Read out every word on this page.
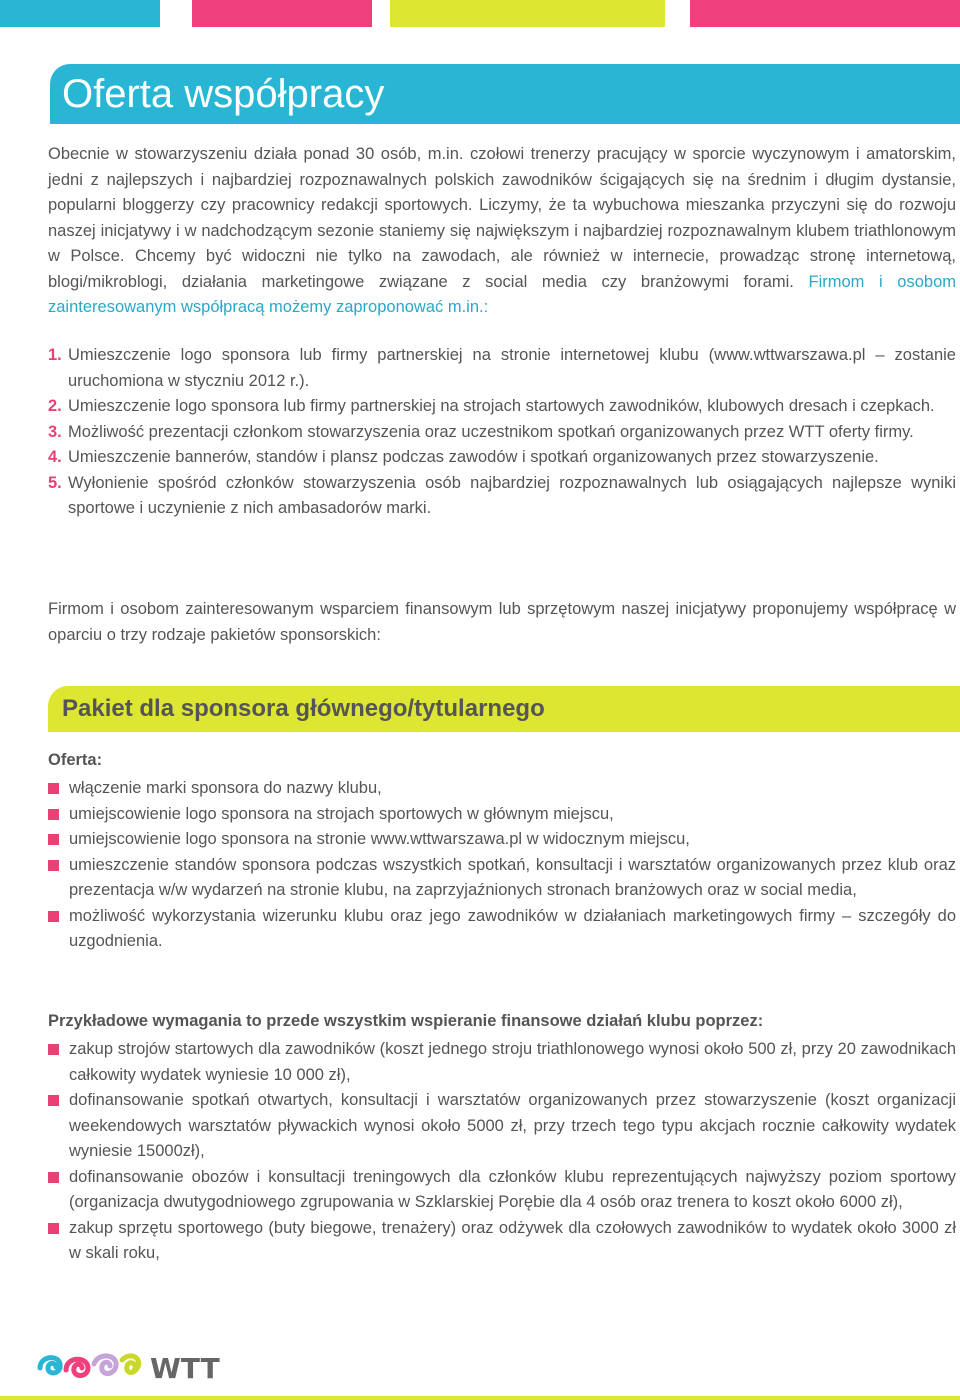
Oferta współpracy
Obecnie w stowarzyszeniu działa ponad 30 osób, m.in. czołowi trenerzy pracujący w sporcie wyczynowym i amatorskim, jedni z najlepszych i najbardziej rozpoznawalnych polskich zawodników ścigających się na średnim i długim dystansie, popularni bloggerzy czy pracownicy redakcji sportowych. Liczymy, że ta wybuchowa mieszanka przyczyni się do rozwoju naszej inicjatywy i w nadchodzącym sezonie staniemy się największym i najbardziej rozpoznawalnym klubem triathlonowym w Polsce. Chcemy być widoczni nie tylko na zawodach, ale również w internecie, prowadząc stronę internetową, blogi/mikroblogi, działania marketingowe związane z social media czy branżowymi forami. Firmom i osobom zainteresowanym współpracą możemy zaproponować m.in.:
1. Umieszczenie logo sponsora lub firmy partnerskiej na stronie internetowej klubu (www.wttwarszawa.pl – zostanie uruchomiona w styczniu 2012 r.).
2. Umieszczenie logo sponsora lub firmy partnerskiej na strojach startowych zawodników, klubowych dresach i czepkach.
3. Możliwość prezentacji członkom stowarzyszenia oraz uczestnikom spotkań organizowanych przez WTT oferty firmy.
4. Umieszczenie bannerów, standów i plansz podczas zawodów i spotkań organizowanych przez stowarzyszenie.
5. Wyłonienie spośród członków stowarzyszenia osób najbardziej rozpoznawalnych lub osiągających najlepsze wyniki sportowe i uczynienie z nich ambasadorów marki.
Firmom i osobom zainteresowanym wsparciem finansowym lub sprzętowym naszej inicjatywy proponujemy współpracę w oparciu o trzy rodzaje pakietów sponsorskich:
Pakiet dla sponsora głównego/tytularnego
Oferta:
włączenie marki sponsora do nazwy klubu,
umiejscowienie logo sponsora na strojach sportowych w głównym miejscu,
umiejscowienie logo sponsora na stronie www.wttwarszawa.pl w widocznym miejscu,
umieszczenie standów sponsora podczas wszystkich spotkań, konsultacji i warsztatów organizowanych przez klub oraz prezentacja w/w wydarzeń na stronie klubu, na zaprzyjaźnionych stronach branżowych oraz w social media,
możliwość wykorzystania wizerunku klubu oraz jego zawodników w działaniach marketingowych firmy – szczegóły do uzgodnienia.
Przykładowe wymagania to przede wszystkim wspieranie finansowe działań klubu poprzez:
zakup strojów startowych dla zawodników (koszt jednego stroju triathlonowego wynosi około 500 zł, przy 20 zawodnikach całkowity wydatek wyniesie 10 000 zł),
dofinansowanie spotkań otwartych, konsultacji i warsztatów organizowanych przez stowarzyszenie (koszt organizacji weekendowych warsztatów pływackich wynosi około 5000 zł, przy trzech tego typu akcjach rocznie całkowity wydatek wyniesie 15000zł),
dofinansowanie obozów i konsultacji treningowych dla członków klubu reprezentujących najwyższy poziom sportowy (organizacja dwutygodniowego zgrupowania w Szklarskiej Porębie dla 4 osób oraz trenera to koszt około 6000 zł),
zakup sprzętu sportowego (buty biegowe, trenażery) oraz odżywek dla czołowych zawodników to wydatek około 3000 zł w skali roku,
WTT
